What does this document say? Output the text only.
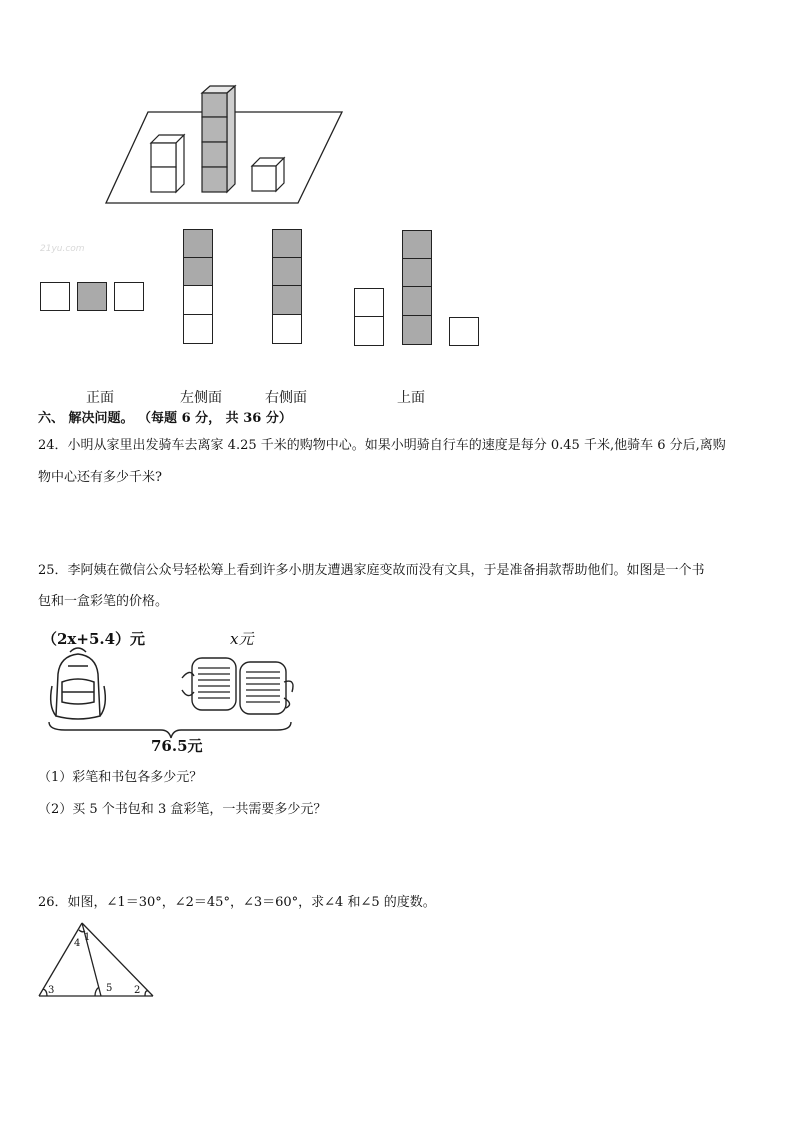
21yu.com
正面	左侧面	右侧面	上面
六、 解决问题。 （每题 6 分， 共 36 分）
24．小明从家里出发骑车去离家 4.25 千米的购物中心。如果小明骑自行车的速度是每分 0.45 千米,他骑车 6 分后,离购
物中心还有多少千米?
25．李阿姨在微信公众号轻松筹上看到许多小朋友遭遇家庭变故而没有文具，于是准备捐款帮助他们。如图是一个书
包和一盒彩笔的价格。
（2x+5.4）元	x元
76.5元
（1）彩笔和书包各多少元？
（2）买 5 个书包和 3 盒彩笔，一共需要多少元？
26．如图，∠1＝30°，∠2＝45°，∠3＝60°，求∠4 和∠5 的度数。
1
4
3	5 2
